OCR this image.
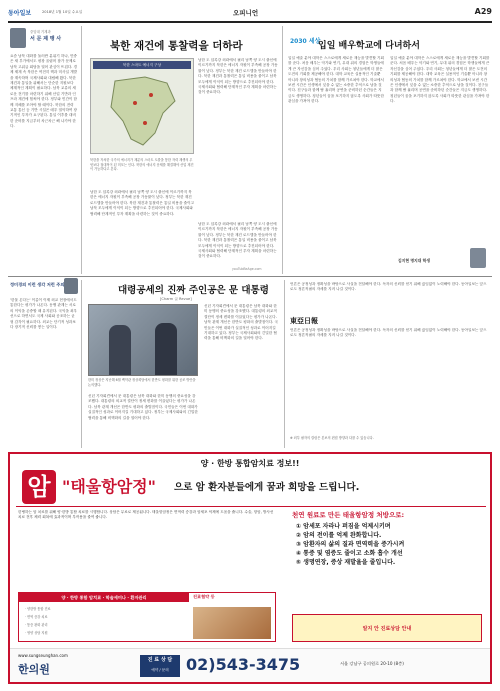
동아일보	2018년 1월 10일 수요일	오피니언	A29
중앙대 기계과
서 문 제 맹 사
요즘 남북 대화를 둘러싼 분위기 하나, 민중은 새 부가에서도 평창 올림픽 참가 문제로 남북 고위급 회담을 열어 관심이 뜨겁다. 경제 제재 속 북한은 여전히 핵과 미사일 개발을 계속하며 국제사회와 대립해 왔다. 북한 재건과 통일을 위해서는 단순한 지원보다 체계적인 계획이 필요하다. 남북 교류의 새로운 전기를 마련하기 위해 산업 기반과 인프라 재건에 힘써야 한다. 정부와 민간이 함께 지혜를 모아야 할 때이다. 북한의 전력 교통 통신 등 기반 시설은 매우 열악하여 장기적인 투자가 요구된다. 통일 이후를 대비한 준비를 지금부터 차근차근 해 나가야 한다.
북한 재건에 통찰력을 더하라
북한 스마트 에너지 구상
남한 도 압록강 외곽에서 필리 남쪽 양 도시 출신에 이르기까지 북한은 에너지 자원이 부족해 공장 가동률이 낮다. 정부는 북한 재건 로드맵을 만들어야 한다. 북한 재건과 통찰력은 통일 비용을 줄이고 남북 모두에게 이익이 되는 방향으로 추진되어야 한다. 국제사회와 협력해 단계적인 투자 계획을 마련하는 것이 중요하다.
북한을 자처한 국가의 에너지가 재분의 스마트 도를을 통한 자력 재생의 무엇보다 절대적이 된 미모는 인다. 북한의 에너지 문제를 해결해야 산업 재건이 가능하다고 본다.
남한 도 압록강 외곽에서 필리 남쪽 양 도시 출신에 이르기까지 북한은 에너지 자원이 부족해 공장 가동률이 낮다. 정부는 북한 재건 로드맵을 만들어야 한다. 북한 재건과 통찰력은 통일 비용을 줄이고 남북 모두에게 이익이 되는 방향으로 추진되어야 한다. 국제사회와 협력해 단계적인 투자 계획을 마련하는 것이 중요하다.
남한 도 압록강 외곽에서 필리 남쪽 양 도시 출신에 이르기까지 북한은 에너지 자원이 부족해 공장 가동률이 낮다. 정부는 북한 재건 로드맵을 만들어야 한다. 북한 재건과 통찰력은 통일 비용을 줄이고 남북 모두에게 이익이 되는 방향으로 추진되어야 한다. 국제사회와 협력해 단계적인 투자 계획을 마련하는 것이 중요하다.
youTubBeAge.com
2030 세상
입일 배우학교에 다녀하서
입일 예술 분야 대학은 스스로에게 새로운 재능을 발견할 기회를 준다. 처음 배우는 악기와 연기, 무대 위의 경험은 학생들에게 큰 자신감을 심어 주었다. 우리 사회는 청년들에게 더 많은 도전의 기회를 제공해야 한다. 대학 교육은 실용적인 기술뿐 아니라 창의성과 협동의 가치를 함께 가르쳐야 한다. 학교에서 보낸 시간은 인생에서 잊을 수 없는 소중한 추억으로 남을 것이다. 친구들과 함께 땀 흘리며 공연을 준비하던 순간들은 지금도 생생하다. 청년들이 꿈을 포기하지 않도록 사회가 따뜻한 관심을 가져야 한다.
입일 예술 분야 대학은 스스로에게 새로운 재능을 발견할 기회를 준다. 처음 배우는 악기와 연기, 무대 위의 경험은 학생들에게 큰 자신감을 심어 주었다. 우리 사회는 청년들에게 더 많은 도전의 기회를 제공해야 한다. 대학 교육은 실용적인 기술뿐 아니라 창의성과 협동의 가치를 함께 가르쳐야 한다. 학교에서 보낸 시간은 인생에서 잊을 수 없는 소중한 추억으로 남을 것이다. 친구들과 함께 땀 흘리며 공연을 준비하던 순간들은 지금도 생생하다. 청년들이 꿈을 포기하지 않도록 사회가 따뜻한 관심을 가져야 한다.
김지현 명지대 학생
정미경의 이런 생각 저런 주의
'한물 온다는' 이름이 이제 외교 현장에서도 통한다는 평가가 나온다. 동맹 관계는 서로의 이익을 존중할 때 유지된다. 국익을 최우선으로 하면서도 국제 사회와 공조하는 균형 감각이 필요하다. 외교는 단기적 성과보다 장기적 신뢰를 쌓는 일이다.
대령공세의 진짜 주인공은 문 대통령
[Charm 글 Revue]
한미 정상은 지난해 6월 백악관 정상회담에서 한반도 평화를 위한 공조 방안을 논의했다.
신년 기자회견에서 문 대통령은 남북 대화와 한미 동맹의 중요성을 강조했다. 대통령의 외교적 결단이 정세 변화를 이끌었다는 평가가 나온다. 남북 관계 개선은 한반도 평화의 출발점이다. 국민들은 이번 대화가 실질적인 성과로 이어지길 기대하고 있다. 정부는 국제사회와의 긴밀한 협력을 통해 비핵화의 길을 열어야 한다.
신년 기자회견에서 문 대통령은 남북 대화와 한미 동맹의 중요성을 강조했다. 대통령의 외교적 결단이 정세 변화를 이끌었다는 평가가 나온다. 남북 관계 개선은 한반도 평화의 출발점이다. 국민들은 이번 대화가 실질적인 성과로 이어지길 기대하고 있다. 정부는 국제사회와의 긴밀한 협력을 통해 비핵화의 길을 열어야 한다.
언론은 공정성과 정확성을 바탕으로 사실을 전달해야 한다. 독자의 신뢰를 얻기 위해 끊임없이 노력해야 한다. 동아일보는 앞으로도 정론직필의 자세를 지켜 나갈 것이다.
東亞日報
언론은 공정성과 정확성을 바탕으로 사실을 전달해야 한다. 독자의 신뢰를 얻기 위해 끊임없이 노력해야 한다. 동아일보는 앞으로도 정론직필의 자세를 지켜 나갈 것이다.
※ 외부 필자의 칼럼은 본보의 편집 방향과 다를 수 있습니다.
양 · 한방 통합암치료 정보!!
암 "태울항암정" 으로 암 환자분들에게 꿈과 희망을 드립니다.
한냉하는 암 치료를 위해 양·한방 통합 치료를 시행합니다. 상담은 무료로 제공됩니다. 태울항암정은 면역력 증강과 암세포 억제에 도움을 줍니다. 수술, 항암, 방사선 치료 전후 체력 회복에 효과적이며 부작용을 줄여 줍니다.	천연 원료로 만든 태울항암정 처방으로:
① 암세포 자라나 퍼짐을 억제시키며
② 암의 전이를 억제 완화합니다.
③ 암환자의 삶의 질과 면역력을 증가시켜
④ 통증 및 염증도 줄이고 소화 흡수 개선
⑤ 생명연장, 증상 재발율을 줄입니다.
양 · 한방 통합 암치료 · 학술세미나 · 환자관리	진료협약 등
· 양한방 통합 진료
· 면역 증강 치료
· 통증 완화 관리
· 영양 상담 지원
알지 안 진료상담 안내
www.sungseunghan.com
한의원
진 료 상 담
예약 / 문의	02)543-3475	서울 강남구 공의원로 20-10 (8층)
